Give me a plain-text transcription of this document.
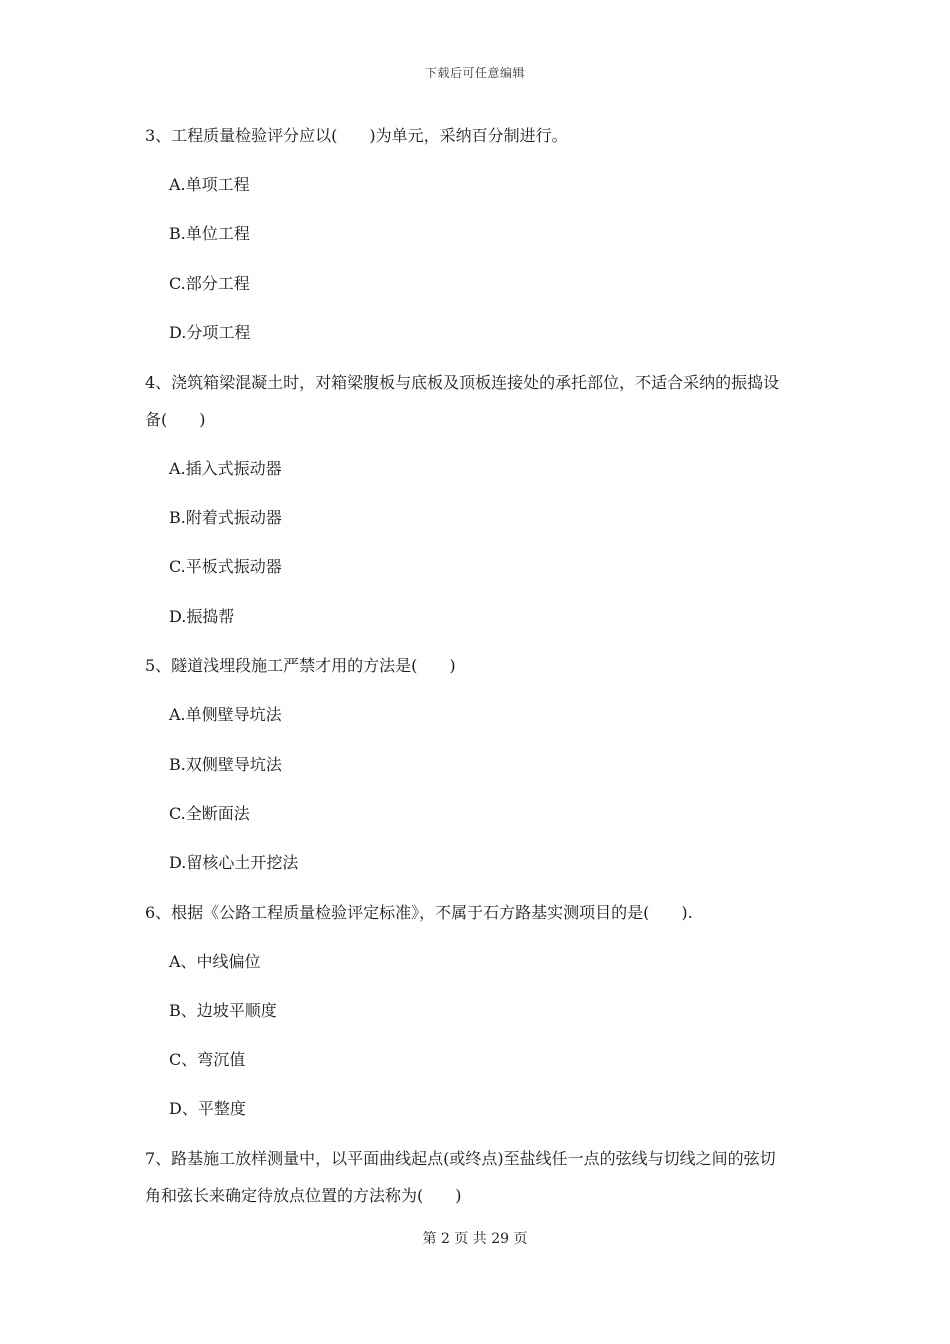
下载后可任意编辑
3、工程质量检验评分应以(　　)为单元，采纳百分制进行。
A.单项工程
B.单位工程
C.部分工程
D.分项工程
4、浇筑箱梁混凝土时，对箱梁腹板与底板及顶板连接处的承托部位，不适合采纳的振捣设
备(　　)
A.插入式振动器
B.附着式振动器
C.平板式振动器
D.振捣帮
5、隧道浅埋段施工严禁才用的方法是(　　)
A.单侧壁导坑法
B.双侧壁导坑法
C.全断面法
D.留核心土开挖法
6、根据《公路工程质量检验评定标准》，不属于石方路基实测项目的是(　　).
A、中线偏位
B、边坡平顺度
C、弯沉值
D、平整度
7、路基施工放样测量中，以平面曲线起点(或终点)至盐线任一点的弦线与切线之间的弦切
角和弦长来确定待放点位置的方法称为(　　)
第 2 页 共 29 页
